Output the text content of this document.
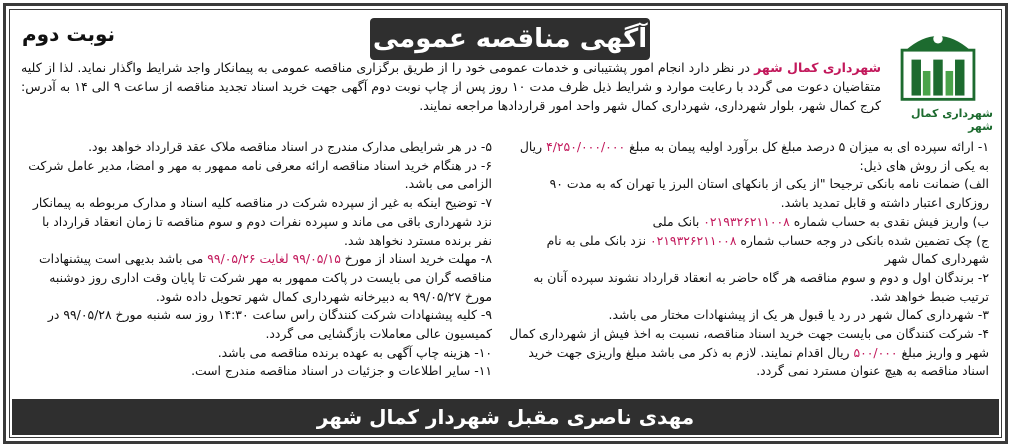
آگهی مناقصه عمومی
نوبت دوم
شهرداری کمال شهر
شهرداری کمال شهر در نظر دارد انجام امور پشتیبانی و خدمات عمومی خود را از طریق برگزاری مناقصه عمومی به پیمانکار واجد شرایط واگذار نماید. لذا از کلیه متقاضیان دعوت می گردد با رعایت موارد و شرایط ذیل ظرف مدت ۱۰ روز پس از چاپ نوبت دوم آگهی جهت خرید اسناد تجدید مناقصه از ساعت ۹ الی ۱۴ به آدرس: کرج کمال شهر، بلوار شهرداری، شهرداری کمال شهر واحد امور قراردادها مراجعه نمایند.

۱- ارائه سپرده ای به میزان ۵ درصد مبلغ کل برآورد اولیه پیمان به مبلغ ۴/۲۵۰/۰۰۰/۰۰۰ ریال به یکی از روش های ذیل:

الف) ضمانت نامه بانکی ترجیحا "از یکی از بانکهای استان البرز یا تهران که به مدت ۹۰ روزکاری اعتبار داشته و قابل تمدید باشد.

ب) واریز فیش نقدی به حساب شماره ۰۲۱۹۳۲۶۲۱۱۰۰۸ بانک ملی

ج) چک تضمین شده بانکی در وجه حساب شماره ۰۲۱۹۳۲۶۲۱۱۰۰۸ نزد بانک ملی به نام شهرداری کمال شهر

۲- برندگان اول و دوم و سوم مناقصه هر گاه حاضر به انعقاد قرارداد نشوند سپرده آنان به ترتیب ضبط خواهد شد.

۳- شهرداری کمال شهر در رد یا قبول هر یک از پیشنهادات مختار می باشد.

۴- شرکت کنندگان می بایست جهت خرید اسناد مناقصه، نسبت به اخذ فیش از شهرداری کمال شهر و واریز مبلغ ۵۰۰/۰۰۰ ریال اقدام نمایند. لازم به ذکر می باشد مبلغ واریزی جهت خرید اسناد مناقصه به هیچ عنوان مسترد نمی گردد.

۵- در هر شرایطی مدارک مندرج در اسناد مناقصه ملاک عقد قرارداد خواهد بود.

۶- در هنگام خرید اسناد مناقصه ارائه معرفی نامه ممهور به مهر و امضا، مدیر عامل شرکت الزامی می باشد.

۷- توضیح اینکه به غیر از سپرده شرکت در مناقصه کلیه اسناد و مدارک مربوطه به پیمانکار نزد شهرداری باقی می ماند و سپرده نفرات دوم و سوم مناقصه تا زمان انعقاد قرارداد با نفر برنده مسترد نخواهد شد.

۸- مهلت خرید اسناد از مورخ ۹۹/۰۵/۱۵ لغایت ۹۹/۰۵/۲۶ می باشد بدیهی است پیشنهادات مناقصه گران می بایست در پاکت ممهور به مهر شرکت تا پایان وقت اداری روز دوشنبه مورخ ۹۹/۰۵/۲۷ به دبیرخانه شهرداری کمال شهر تحویل داده شود.

۹- کلیه پیشنهادات شرکت کنندگان راس ساعت ۱۴:۳۰ روز سه شنبه مورخ ۹۹/۰۵/۲۸ در کمیسیون عالی معاملات بازگشایی می گردد.

۱۰- هزینه چاپ آگهی به عهده برنده مناقصه می باشد.

۱۱- سایر اطلاعات و جزئیات در اسناد مناقصه مندرج است.

مهدی ناصری مقبل شهردار کمال شهر
